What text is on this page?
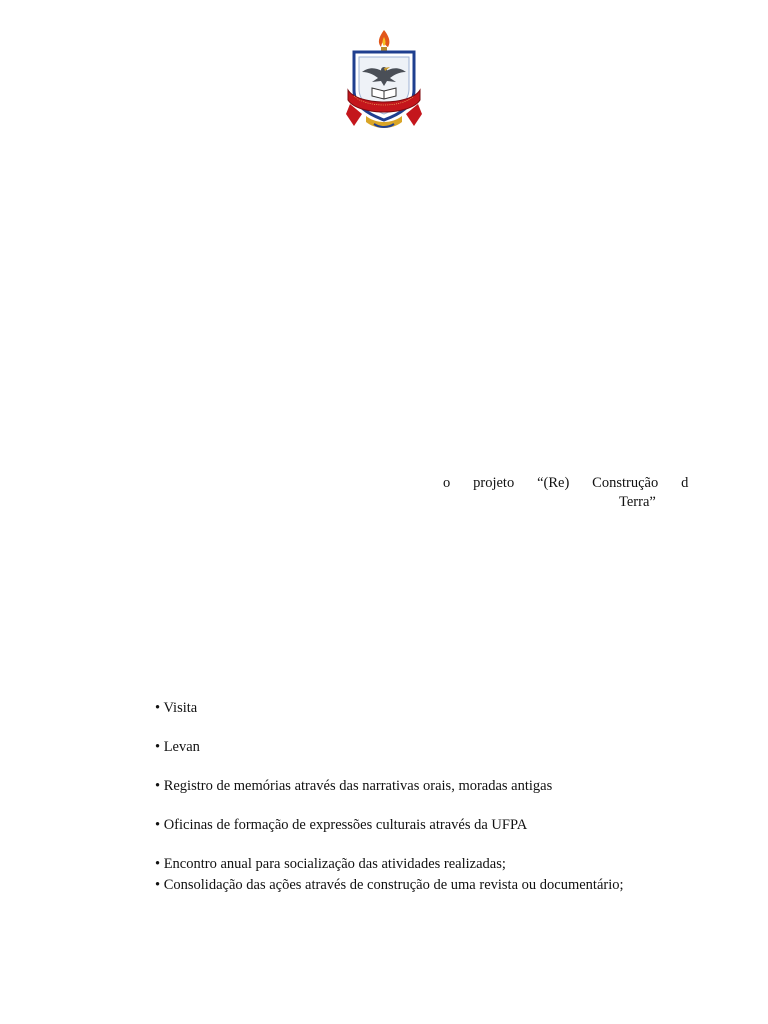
o   projeto   “(Re)   Construção   d
Terra”
• Visita
• Levan
• Registro de memórias através das narrativas orais, moradas antigas
• Oficinas de formação de expressões culturais através da UFPA
• Encontro anual para socialização das atividades realizadas;
• Consolidação das ações através de construção de uma revista ou documentário;
